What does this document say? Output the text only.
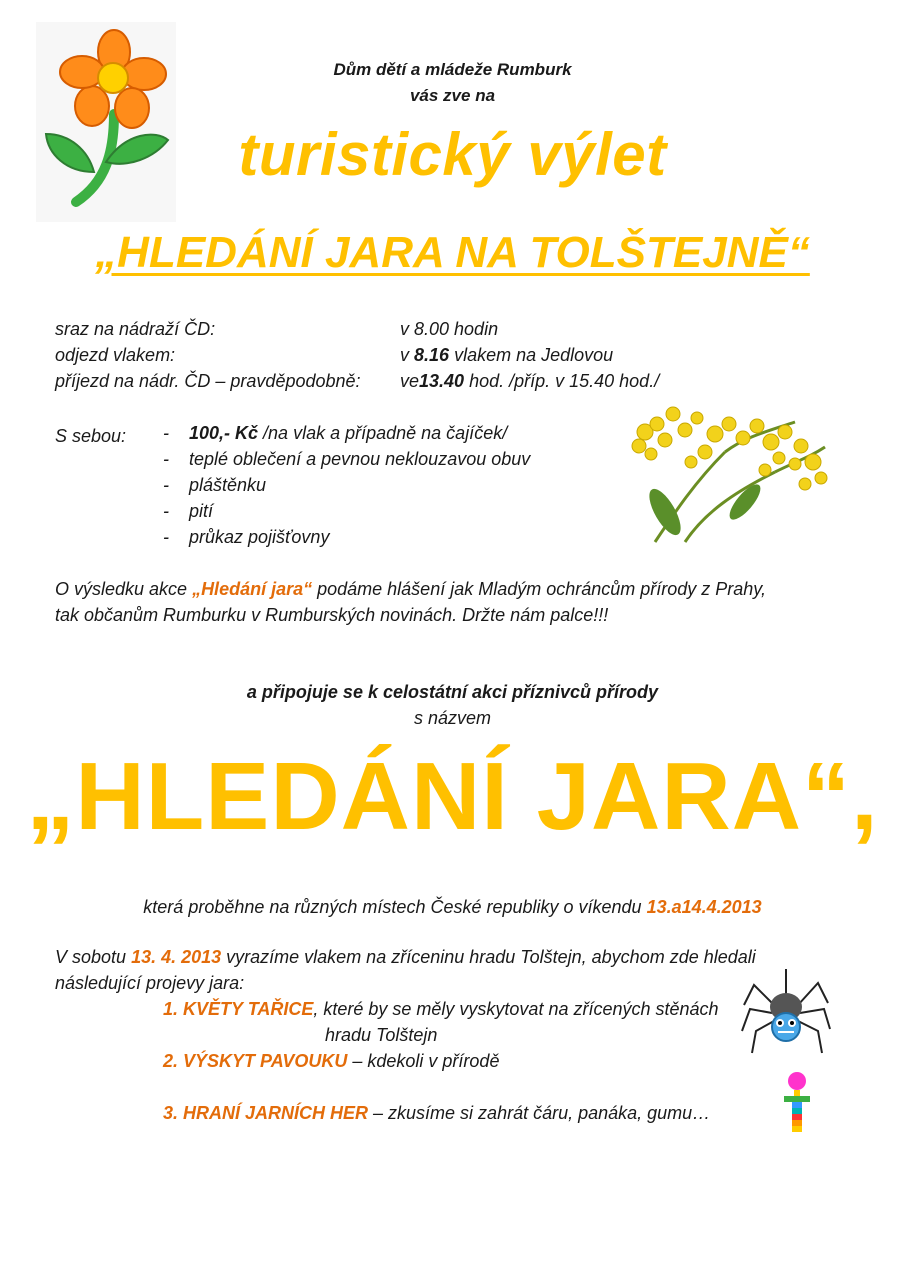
Dům dětí a mládeže Rumburk
vás zve na
turistický výlet
„HLEDÁNÍ JARA NA TOLŠTEJNĚ“
sraz na nádraží ČD:	v 8.00 hodin
odjezd vlakem:	v 8.16 vlakem na Jedlovou
příjezd na nádr. ČD – pravděpodobně: ve13.40 hod. /příp. v 15.40 hod./
S sebou: - 100,- Kč /na vlak a případně na čajíček/
- teplé oblečení a pevnou neklouzavou obuv
- pláštěnku
- pití
- průkaz pojišťovny
O výsledku akce „Hledání jara“ podáme hlášení jak Mladým ochráncům přírody z Prahy,
tak občanům Rumburku v Rumburských novinách. Držte nám palce!!!
a připojuje se k celostátní akci příznivců přírody
s názvem
„HLEDÁNÍ JARA“,
která proběhne na různých místech České republiky o víkendu 13.a14.4.2013
V sobotu 13. 4. 2013 vyrazíme vlakem na zříceninu hradu Tolštejn, abychom zde hledali
následující projevy jara:
1. KVĚTY TAŘICE, které by se měly vyskytovat na zřícených stěnách
hradu Tolštejn
2. VÝSKYT PAVOUKU – kdekoli v přírodě
3. HRANÍ JARNÍCH HER – zkusíme si zahrát čáru, panáka, gumu…
